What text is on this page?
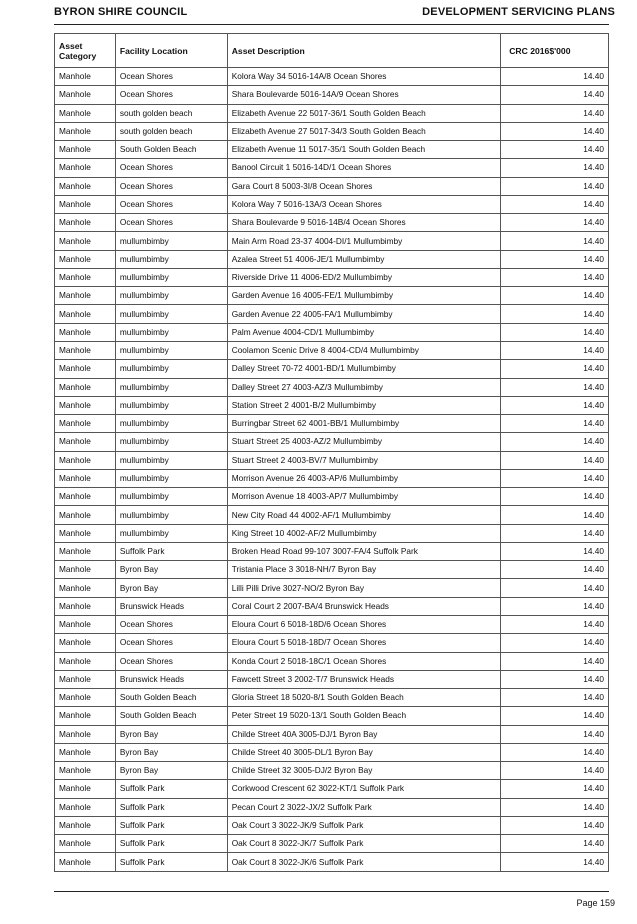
BYRON SHIRE COUNCIL	DEVELOPMENT SERVICING PLANS
Asset Category	Facility Location	Asset Description	CRC 2016$'000
Manhole	Ocean Shores	Kolora Way 34 5016-14A/8 Ocean Shores	14.40
Manhole	Ocean Shores	Shara Boulevarde 5016-14A/9 Ocean Shores	14.40
Manhole	south golden beach	Elizabeth Avenue 22 5017-36/1 South Golden Beach	14.40
Manhole	south golden beach	Elizabeth Avenue 27 5017-34/3 South Golden Beach	14.40
Manhole	South Golden Beach	Elizabeth Avenue 11 5017-35/1 South Golden Beach	14.40
Manhole	Ocean Shores	Banool Circuit 1 5016-14D/1 Ocean Shores	14.40
Manhole	Ocean Shores	Gara Court 8 5003-3I/8 Ocean Shores	14.40
Manhole	Ocean Shores	Kolora Way 7 5016-13A/3 Ocean Shores	14.40
Manhole	Ocean Shores	Shara Boulevarde 9 5016-14B/4 Ocean Shores	14.40
Manhole	mullumbimby	Main Arm Road 23-37 4004-DI/1 Mullumbimby	14.40
Manhole	mullumbimby	Azalea Street 51 4006-JE/1 Mullumbimby	14.40
Manhole	mullumbimby	Riverside Drive 11 4006-ED/2 Mullumbimby	14.40
Manhole	mullumbimby	Garden Avenue 16 4005-FE/1 Mullumbimby	14.40
Manhole	mullumbimby	Garden Avenue 22 4005-FA/1 Mullumbimby	14.40
Manhole	mullumbimby	Palm Avenue 4004-CD/1 Mullumbimby	14.40
Manhole	mullumbimby	Coolamon Scenic Drive 8 4004-CD/4 Mullumbimby	14.40
Manhole	mullumbimby	Dalley Street 70-72 4001-BD/1 Mullumbimby	14.40
Manhole	mullumbimby	Dalley Street 27 4003-AZ/3 Mullumbimby	14.40
Manhole	mullumbimby	Station Street 2 4001-B/2 Mullumbimby	14.40
Manhole	mullumbimby	Burringbar Street 62 4001-BB/1 Mullumbimby	14.40
Manhole	mullumbimby	Stuart Street 25 4003-AZ/2 Mullumbimby	14.40
Manhole	mullumbimby	Stuart Street 2 4003-BV/7 Mullumbimby	14.40
Manhole	mullumbimby	Morrison Avenue 26 4003-AP/6 Mullumbimby	14.40
Manhole	mullumbimby	Morrison Avenue 18 4003-AP/7 Mullumbimby	14.40
Manhole	mullumbimby	New City Road 44 4002-AF/1 Mullumbimby	14.40
Manhole	mullumbimby	King Street 10 4002-AF/2 Mullumbimby	14.40
Manhole	Suffolk Park	Broken Head Road 99-107 3007-FA/4 Suffolk Park	14.40
Manhole	Byron Bay	Tristania Place 3 3018-NH/7 Byron Bay	14.40
Manhole	Byron Bay	Lilli Pilli Drive 3027-NO/2 Byron Bay	14.40
Manhole	Brunswick Heads	Coral Court 2 2007-BA/4 Brunswick Heads	14.40
Manhole	Ocean Shores	Eloura Court 6 5018-18D/6 Ocean Shores	14.40
Manhole	Ocean Shores	Eloura Court 5 5018-18D/7 Ocean Shores	14.40
Manhole	Ocean Shores	Konda Court 2 5018-18C/1 Ocean Shores	14.40
Manhole	Brunswick Heads	Fawcett Street 3 2002-T/7 Brunswick Heads	14.40
Manhole	South Golden Beach	Gloria Street 18 5020-8/1 South Golden Beach	14.40
Manhole	South Golden Beach	Peter Street 19 5020-13/1 South Golden Beach	14.40
Manhole	Byron Bay	Childe Street 40A 3005-DJ/1 Byron Bay	14.40
Manhole	Byron Bay	Childe Street 40 3005-DL/1 Byron Bay	14.40
Manhole	Byron Bay	Childe Street 32 3005-DJ/2 Byron Bay	14.40
Manhole	Suffolk Park	Corkwood Crescent 62 3022-KT/1 Suffolk Park	14.40
Manhole	Suffolk Park	Pecan Court 2 3022-JX/2 Suffolk Park	14.40
Manhole	Suffolk Park	Oak Court 3 3022-JK/9 Suffolk Park	14.40
Manhole	Suffolk Park	Oak Court 8 3022-JK/7 Suffolk Park	14.40
Manhole	Suffolk Park	Oak Court 8 3022-JK/6 Suffolk Park	14.40
Page 159
